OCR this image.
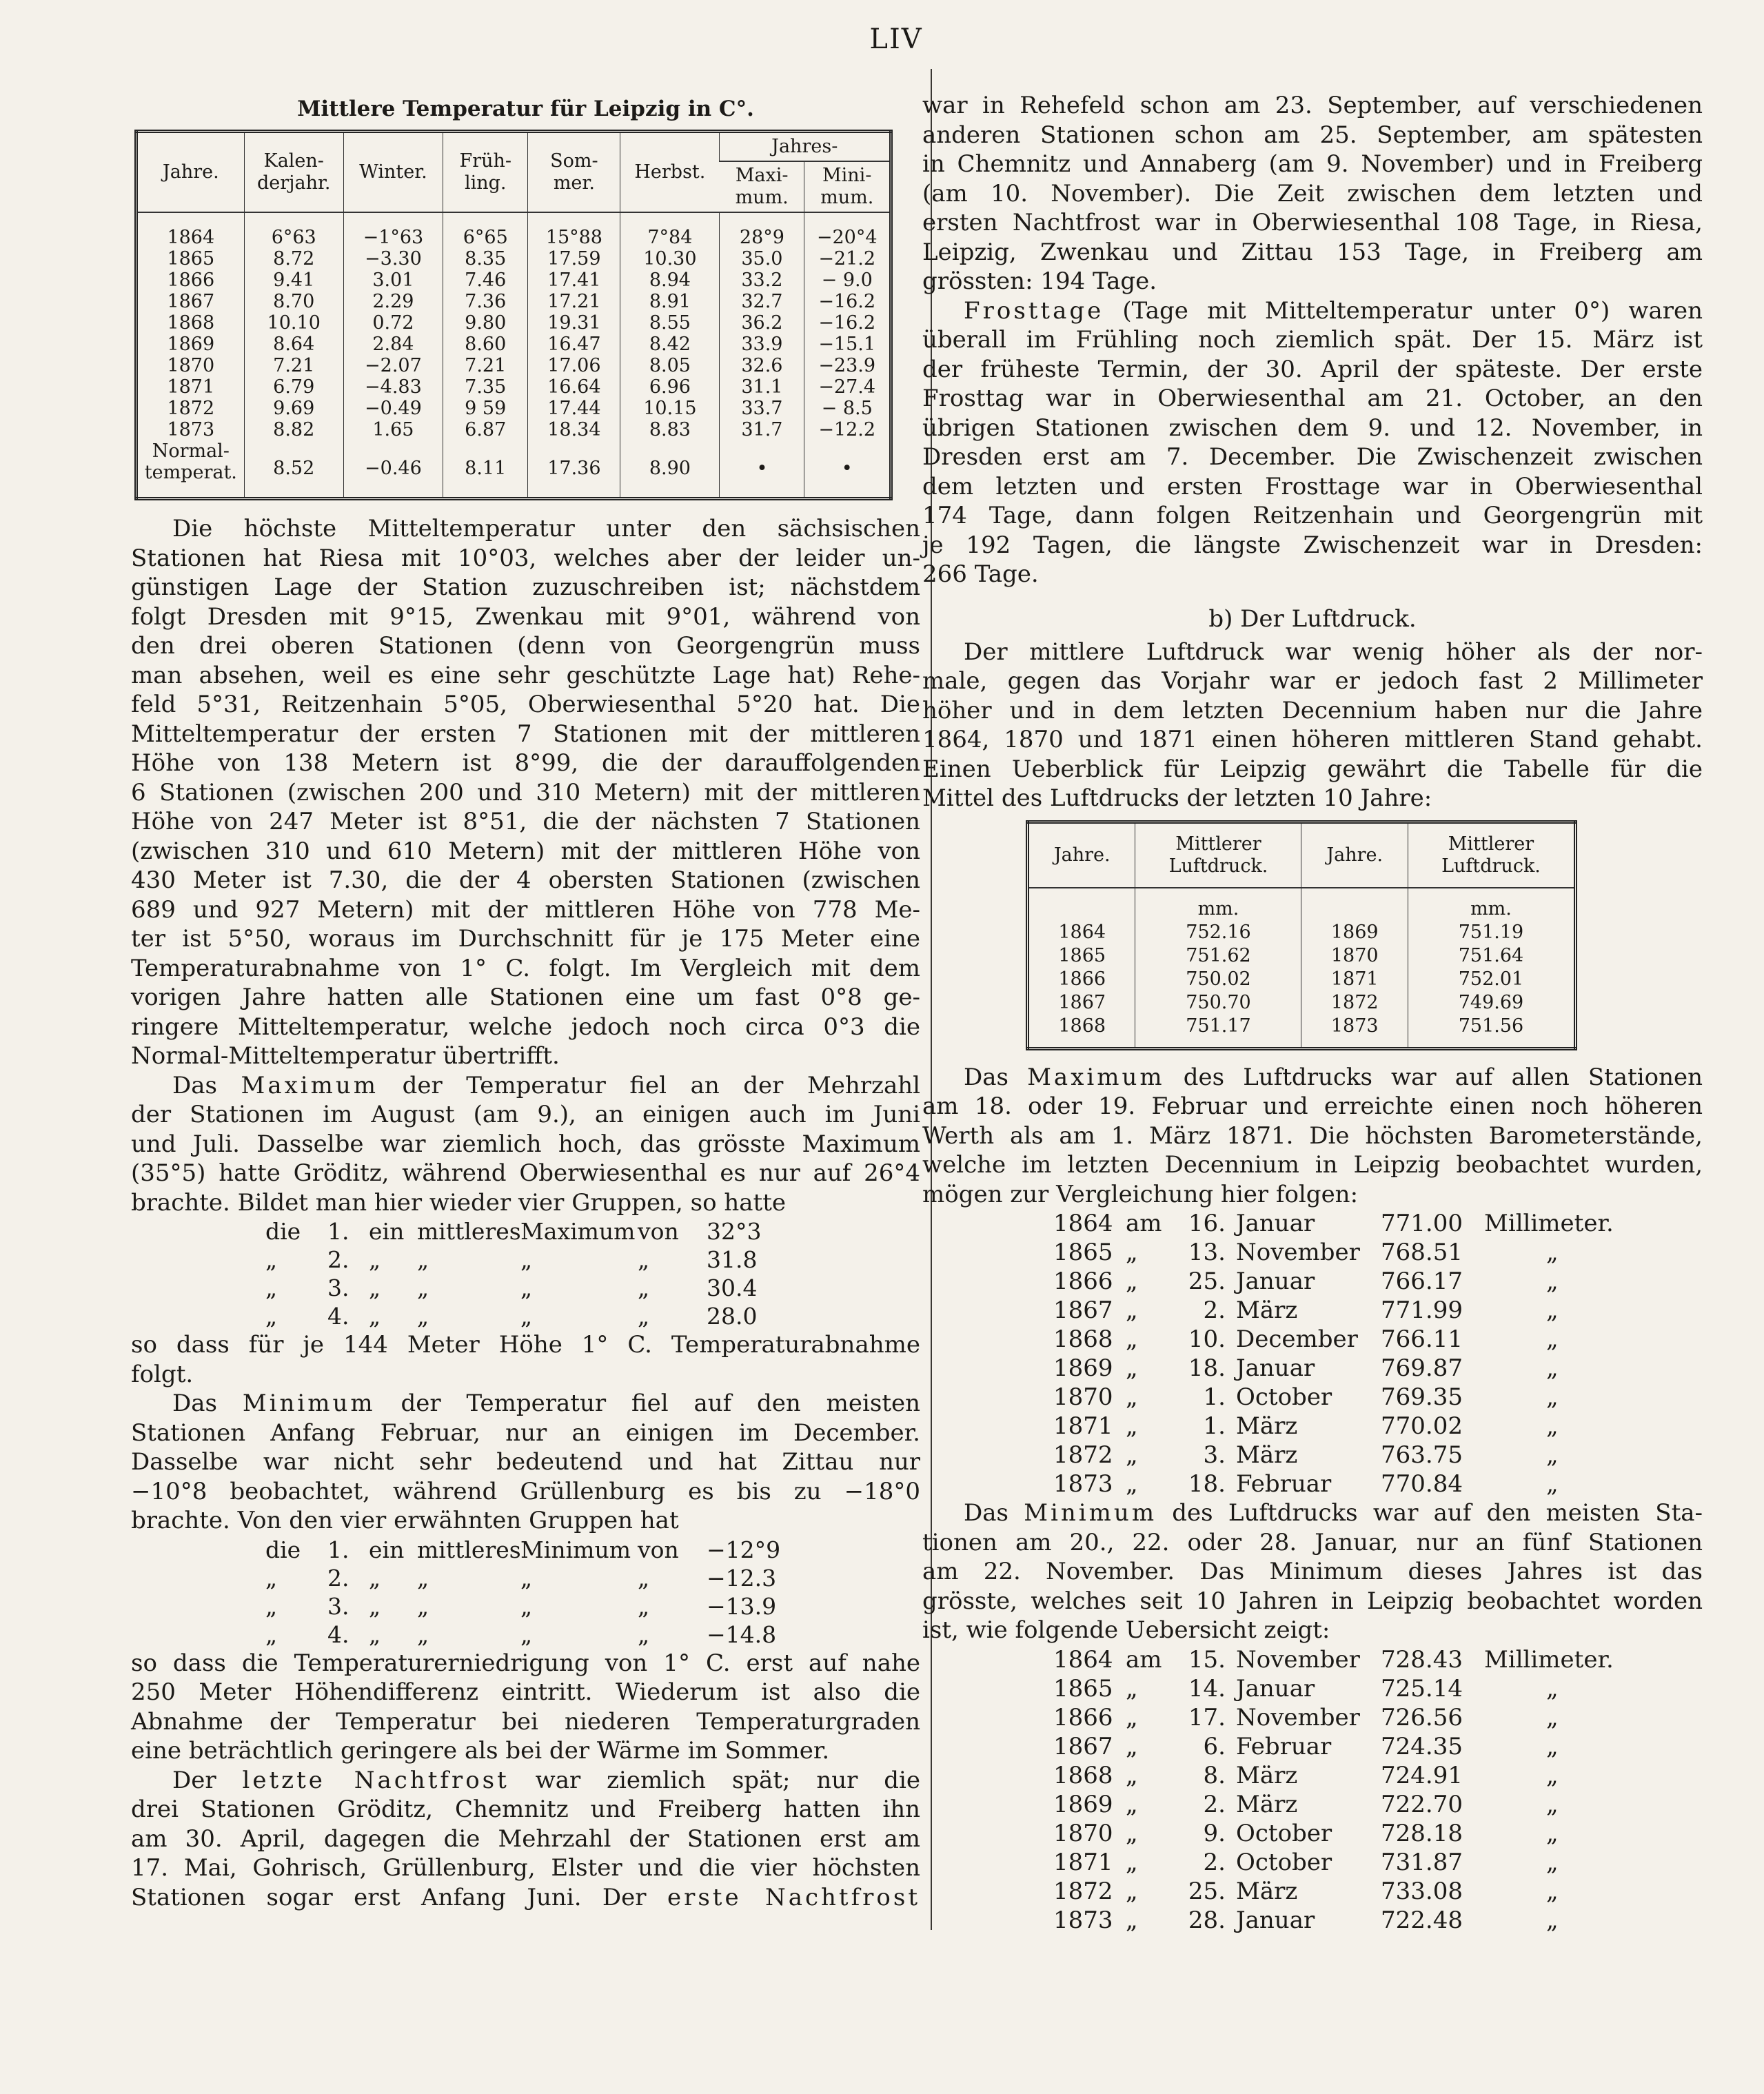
LIV
Mittlere Temperatur für Leipzig in C°.
Jahre.	Kalen-derjahr.	Winter.	Früh-ling.	Som-mer.	Herbst.	Jahres-	
						Maxi-mum.	Mini-mum.
1864	6°63	−1°63	6°65	15°88	7°84	28°9	−20°4
1865	8.72	−3.30	8.35	17.59	10.30	35.0	−21.2
1866	9.41	3.01	7.46	17.41	8.94	33.2	− 9.0
1867	8.70	2.29	7.36	17.21	8.91	32.7	−16.2
1868	10.10	0.72	9.80	19.31	8.55	36.2	−16.2
1869	8.64	2.84	8.60	16.47	8.42	33.9	−15.1
1870	7.21	−2.07	7.21	17.06	8.05	32.6	−23.9
1871	6.79	−4.83	7.35	16.64	6.96	31.1	−27.4
1872	9.69	−0.49	9 59	17.44	10.15	33.7	− 8.5
1873	8.82	1.65	6.87	18.34	8.83	31.7	−12.2
Normal-temperat.	8.52	−0.46	8.11	17.36	8.90	•	•

Die höchste Mitteltemperatur unter den sächsischen

Stationen hat Riesa mit 10°03, welches aber der leider un-

günstigen Lage der Station zuzuschreiben ist; nächstdem

folgt Dresden mit 9°15, Zwenkau mit 9°01, während von

den drei oberen Stationen (denn von Georgengrün muss

man absehen, weil es eine sehr geschützte Lage hat) Rehe-

feld 5°31, Reitzenhain 5°05, Oberwiesenthal 5°20 hat. Die

Mitteltemperatur der ersten 7 Stationen mit der mittleren

Höhe von 138 Metern ist 8°99, die der darauffolgenden

6 Stationen (zwischen 200 und 310 Metern) mit der mittleren

Höhe von 247 Meter ist 8°51, die der nächsten 7 Stationen

(zwischen 310 und 610 Metern) mit der mittleren Höhe von

430 Meter ist 7.30, die der 4 obersten Stationen (zwischen

689 und 927 Metern) mit der mittleren Höhe von 778 Me-

ter ist 5°50, woraus im Durchschnitt für je 175 Meter eine

Temperaturabnahme von 1° C. folgt. Im Vergleich mit dem

vorigen Jahre hatten alle Stationen eine um fast 0°8 ge-

ringere Mitteltemperatur, welche jedoch noch circa 0°3 die

Normal-Mitteltemperatur übertrifft.

Das Maximum der Temperatur fiel an der Mehrzahl

der Stationen im August (am 9.), an einigen auch im Juni

und Juli. Dasselbe war ziemlich hoch, das grösste Maximum

(35°5) hatte Gröditz, während Oberwiesenthal es nur auf 26°4

brachte. Bildet man hier wieder vier Gruppen, so hatte

die	1. ein mittleres Maximum von	32°3
„	2. „	„	„	„	31.8
„	3. „	„	„	„	30.4
„	4. „	„	„	„	28.0

so dass für je 144 Meter Höhe 1° C. Temperaturabnahme

folgt.

Das Minimum der Temperatur fiel auf den meisten

Stationen Anfang Februar, nur an einigen im December.

Dasselbe war nicht sehr bedeutend und hat Zittau nur

−10°8 beobachtet, während Grüllenburg es bis zu −18°0

brachte. Von den vier erwähnten Gruppen hat

die	1. ein mittleres Minimum von	−12°9
„	2. „	„	„	„	−12.3
„	3. „	„	„	„	−13.9
„	4. „	„	„	„	−14.8

so dass die Temperaturerniedrigung von 1° C. erst auf nahe

250 Meter Höhendifferenz eintritt. Wiederum ist also die

Abnahme der Temperatur bei niederen Temperaturgraden

eine beträchtlich geringere als bei der Wärme im Sommer.

Der letzte Nachtfrost war ziemlich spät; nur die

drei Stationen Gröditz, Chemnitz und Freiberg hatten ihn

am 30. April, dagegen die Mehrzahl der Stationen erst am

17. Mai, Gohrisch, Grüllenburg, Elster und die vier höchsten

Stationen sogar erst Anfang Juni. Der erste Nachtfrost

war in Rehefeld schon am 23. September, auf verschiedenen

anderen Stationen schon am 25. September, am spätesten

in Chemnitz und Annaberg (am 9. November) und in Freiberg

(am 10. November). Die Zeit zwischen dem letzten und

ersten Nachtfrost war in Oberwiesenthal 108 Tage, in Riesa,

Leipzig, Zwenkau und Zittau 153 Tage, in Freiberg am

grössten: 194 Tage.

Frosttage (Tage mit Mitteltemperatur unter 0°) waren

überall im Frühling noch ziemlich spät. Der 15. März ist

der früheste Termin, der 30. April der späteste. Der erste

Frosttag war in Oberwiesenthal am 21. October, an den

übrigen Stationen zwischen dem 9. und 12. November, in

Dresden erst am 7. December. Die Zwischenzeit zwischen

dem letzten und ersten Frosttage war in Oberwiesenthal

174 Tage, dann folgen Reitzenhain und Georgengrün mit

je 192 Tagen, die längste Zwischenzeit war in Dresden:

266 Tage.

b) Der Luftdruck.

Der mittlere Luftdruck war wenig höher als der nor-

male, gegen das Vorjahr war er jedoch fast 2 Millimeter

höher und in dem letzten Decennium haben nur die Jahre

1864, 1870 und 1871 einen höheren mittleren Stand gehabt.

Einen Ueberblick für Leipzig gewährt die Tabelle für die

Mittel des Luftdrucks der letzten 10 Jahre:

Jahre.	Mittlerer Luftdruck.	Jahre.	Mittlerer Luftdruck.
	mm.		mm.
1864	752.16	1869	751.19
1865	751.62	1870	751.64
1866	750.02	1871	752.01
1867	750.70	1872	749.69
1868	751.17	1873	751.56

Das Maximum des Luftdrucks war auf allen Stationen

am 18. oder 19. Februar und erreichte einen noch höheren

Werth als am 1. März 1871. Die höchsten Barometerstände,

welche im letzten Decennium in Leipzig beobachtet wurden,

mögen zur Vergleichung hier folgen:

1864 am	16. Januar	771.00 Millimeter.
1865 „	13. November 768.51	„
1866 „	25. Januar	766.17	„
1867 „	2. März	771.99	„
1868 „	10. December 766.11	„
1869 „	18. Januar	769.87	„
1870 „	1. October	769.35	„
1871 „	1. März	770.02	„
1872 „	3. März	763.75	„
1873 „	18. Februar	770.84	„

Das Minimum des Luftdrucks war auf den meisten Sta-

tionen am 20., 22. oder 28. Januar, nur an fünf Stationen

am 22. November. Das Minimum dieses Jahres ist das

grösste, welches seit 10 Jahren in Leipzig beobachtet worden

ist, wie folgende Uebersicht zeigt:

1864 am	15. November 728.43 Millimeter.
1865 „	14. Januar	725.14	„
1866 „	17. November 726.56	„
1867 „	6. Februar	724.35	„
1868 „	8. März	724.91	„
1869 „	2. März	722.70	„
1870 „	9. October	728.18	„
1871 „	2. October	731.87	„
1872 „	25. März	733.08	„
1873 „	28. Januar	722.48	„
